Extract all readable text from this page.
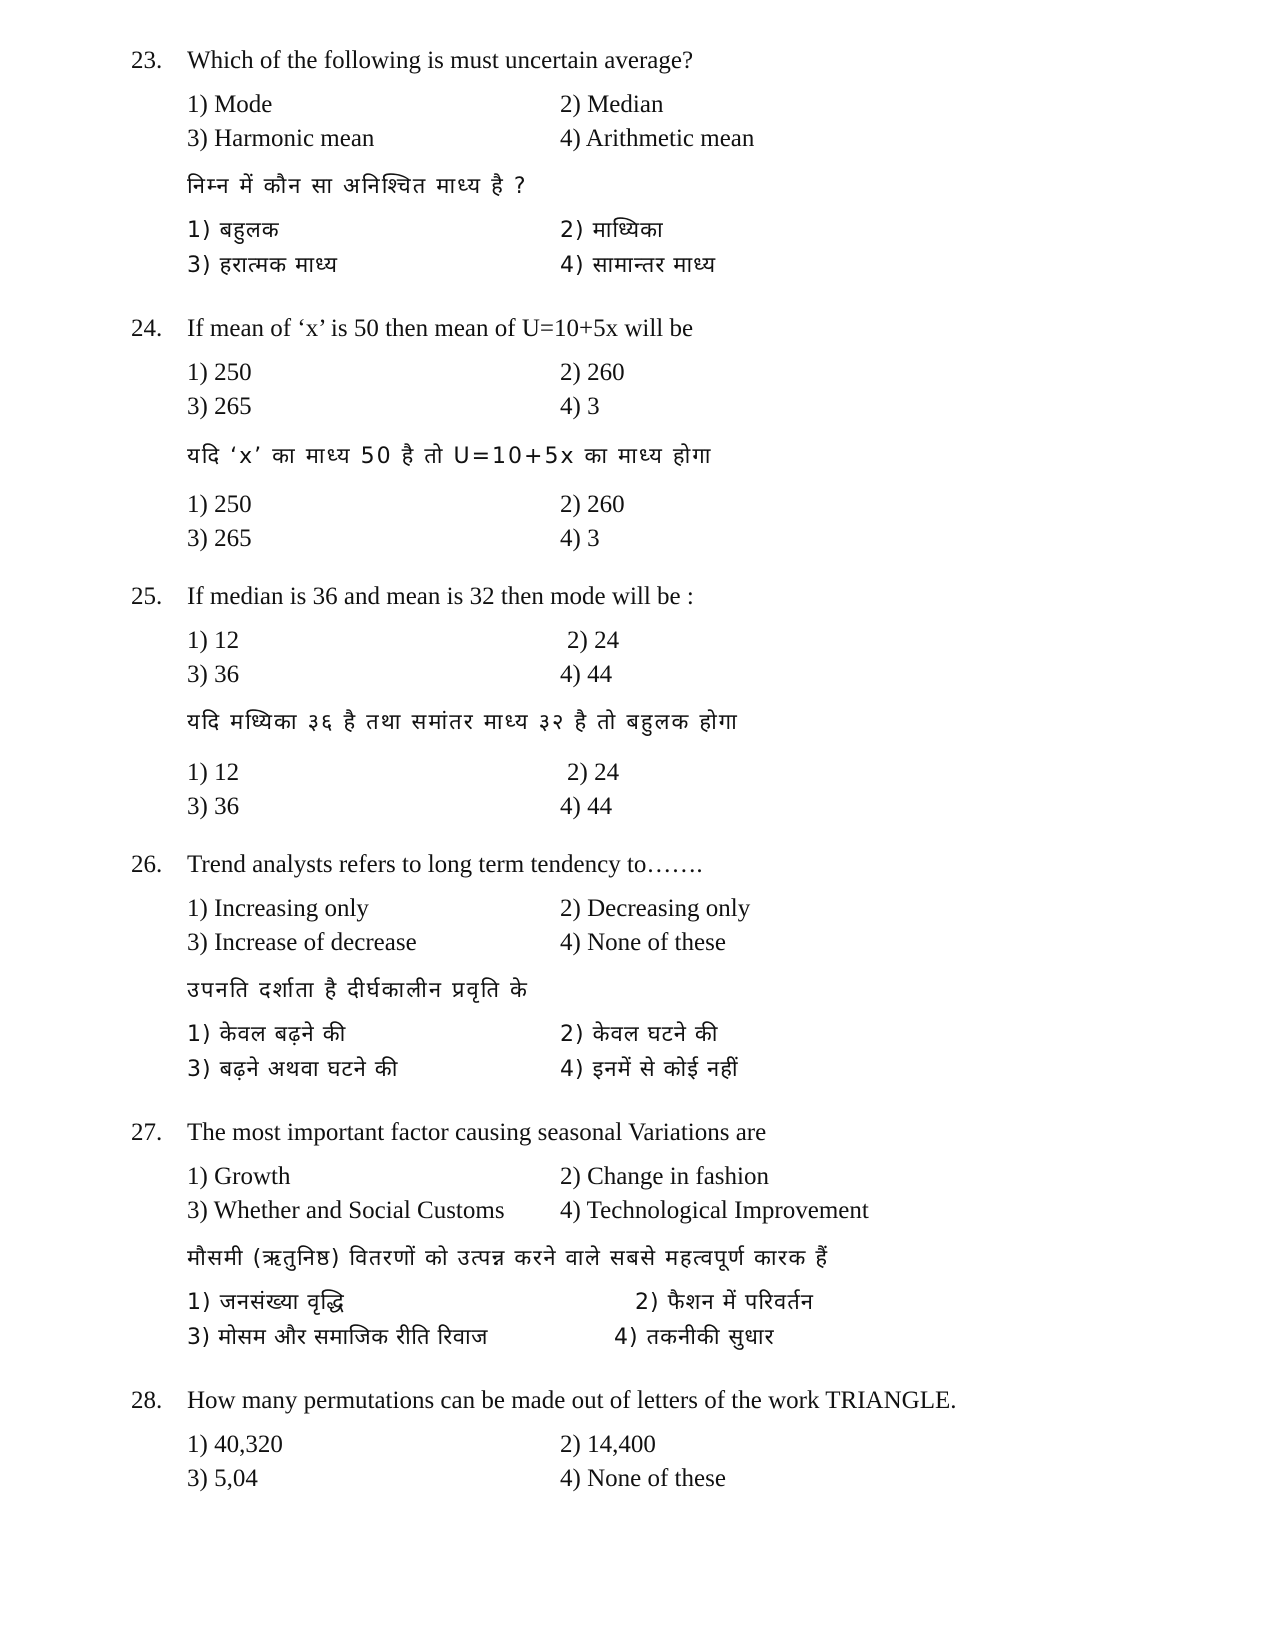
23. Which of the following is must uncertain average?
1) Mode	2) Median
3) Harmonic mean	4) Arithmetic mean
निम्न में कौन सा अनिश्चित माध्य है ?
1) बहुलक	2) माध्यिका
3) हरात्मक माध्य	4) सामान्तर माध्य
24. If mean of ‘x’ is 50 then mean of U=10+5x will be
1) 250	2) 260
3) 265	4) 3
यदि ‘x’ का माध्य 50 है तो U=10+5x का माध्य होगा
1) 250	2) 260
3) 265	4) 3
25. If median is 36 and mean is 32 then mode will be :
1) 12	2) 24
3) 36	4) 44
यदि मध्यिका ३६ है तथा समांतर माध्य ३२ है तो बहुलक होगा
1) 12	2) 24
3) 36	4) 44
26. Trend analysts refers to long term tendency to…….
1) Increasing only	2) Decreasing only
3) Increase of decrease	4) None of these
उपनति दर्शाता है दीर्घकालीन प्रवृति के
1) केवल बढ़ने की	2) केवल घटने की
3) बढ़ने अथवा घटने की	4) इनमें से कोई नहीं
27. The most important factor causing seasonal Variations are
1) Growth	2) Change in fashion
3) Whether and Social Customs 4) Technological Improvement
मौसमी (ऋतुनिष्ठ) वितरणों को उत्पन्न करने वाले सबसे महत्वपूर्ण कारक हैं
1) जनसंख्या वृद्धि	2) फैशन में परिवर्तन
3) मोसम और समाजिक रीति रिवाज	4) तकनीकी सुधार
28. How many permutations can be made out of letters of the work TRIANGLE.
1) 40,320	2) 14,400
3) 5,04	4) None of these
